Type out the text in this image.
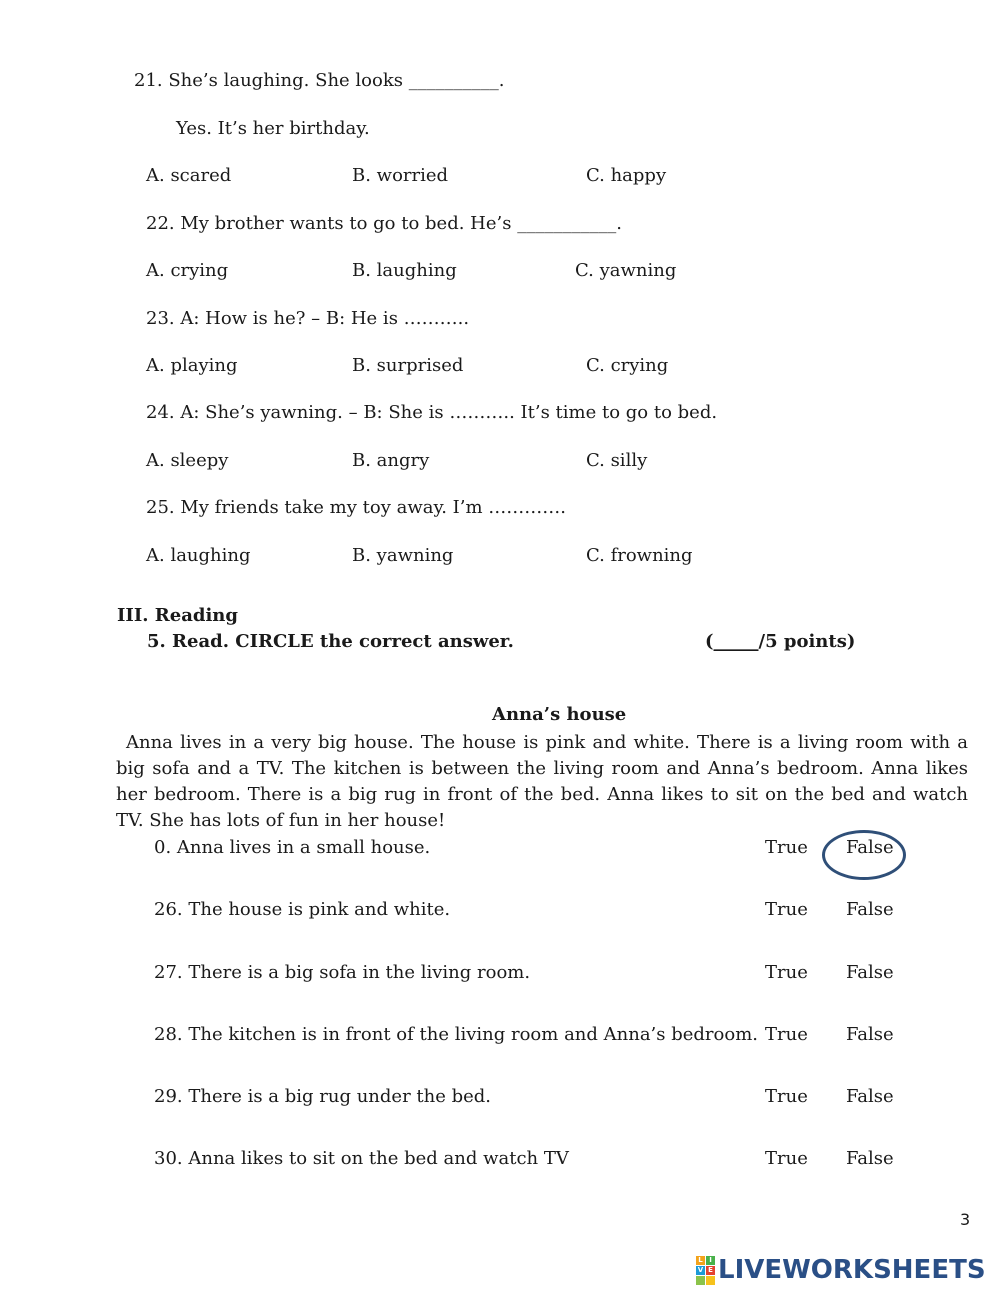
21. She’s laughing. She looks __________.
Yes. It’s her birthday.
A. scared	B. worried	C. happy
22. My brother wants to go to bed. He’s ___________.
A. crying	B. laughing	C. yawning
23. A: How is he? – B: He is ………..
A. playing	B. surprised	C. crying
24. A: She’s yawning. – B: She is ……….. It’s time to go to bed.
A. sleepy	B. angry	C. silly
25. My friends take my toy away. I’m ………….
A. laughing	B. yawning	C. frowning
III. Reading
5. Read. CIRCLE the correct answer.	(_____/5 points)
Anna’s house
Anna lives in a very big house. The house is pink and white. There is a living room with a big sofa and a TV. The kitchen is between the living room and Anna’s bedroom. Anna likes her bedroom. There is a big rug in front of the bed. Anna likes to sit on the bed and watch TV. She has lots of fun in her house!
0. Anna lives in a small house.	True False
26. The house is pink and white.	True False
27. There is a big sofa in the living room.	True False
28. The kitchen is in front of the living room and Anna’s bedroom. True False
29. There is a big rug under the bed.	True False
30. Anna likes to sit on the bed and watch TV	True False
3
L I
V E LIVEWORKSHEETS
